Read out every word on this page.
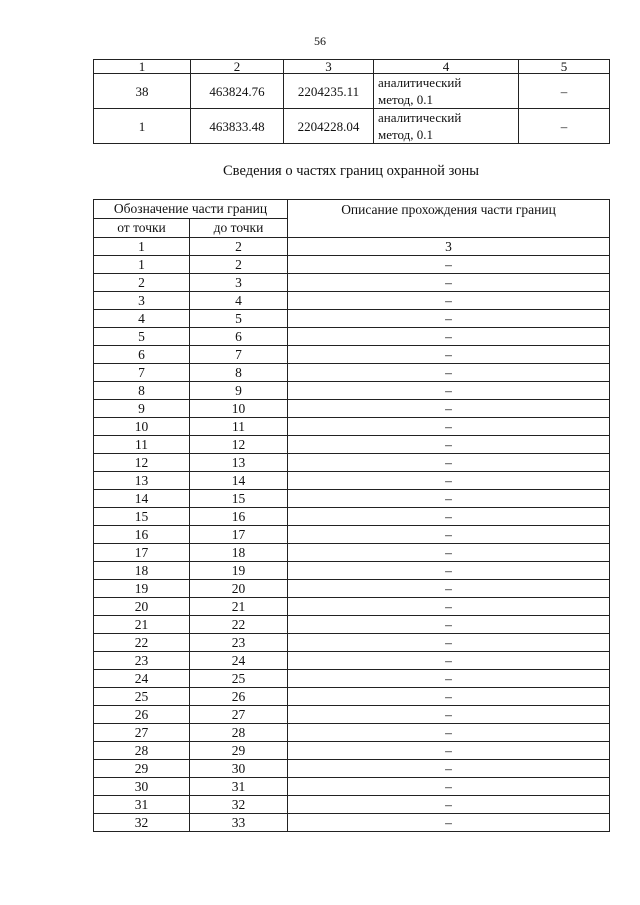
56
1	2	3	4	5
38	463824.76	2204235.11	аналитический
метод, 0.1	–
1	463833.48	2204228.04	аналитический
метод, 0.1	–
Сведения о частях границ охранной зоны
Обозначение части границ		Описание прохождения части границ
от точки	до точки	
1	2	3
1	2	–
2	3	–
3	4	–
4	5	–
5	6	–
6	7	–
7	8	–
8	9	–
9	10	–
10	11	–
11	12	–
12	13	–
13	14	–
14	15	–
15	16	–
16	17	–
17	18	–
18	19	–
19	20	–
20	21	–
21	22	–
22	23	–
23	24	–
24	25	–
25	26	–
26	27	–
27	28	–
28	29	–
29	30	–
30	31	–
31	32	–
32	33	–
